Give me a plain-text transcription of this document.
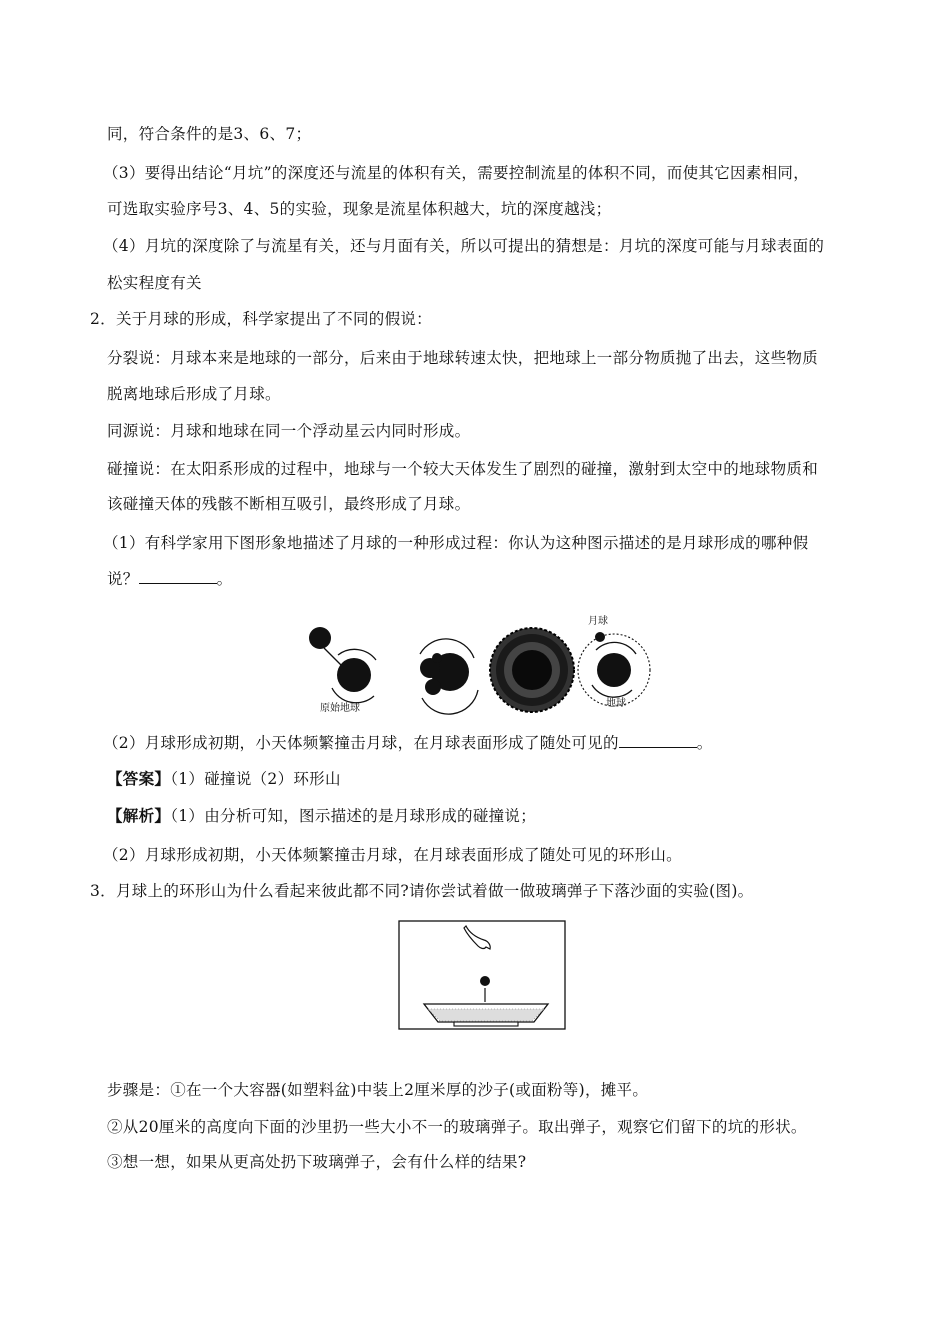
同，符合条件的是3、6、7；
（3）要得出结论“月坑”的深度还与流星的体积有关，需要控制流星的体积不同，而使其它因素相同，
可选取实验序号3、4、5的实验，现象是流星体积越大，坑的深度越浅；
（4）月坑的深度除了与流星有关，还与月面有关，所以可提出的猜想是：月坑的深度可能与月球表面的
松实程度有关
2．关于月球的形成，科学家提出了不同的假说：
分裂说：月球本来是地球的一部分，后来由于地球转速太快，把地球上一部分物质抛了出去，这些物质
脱离地球后形成了月球。
同源说：月球和地球在同一个浮动星云内同时形成。
碰撞说：在太阳系形成的过程中，地球与一个较大天体发生了剧烈的碰撞，激射到太空中的地球物质和
该碰撞天体的残骸不断相互吸引，最终形成了月球。
（1）有科学家用下图形象地描述了月球的一种形成过程：你认为这种图示描述的是月球形成的哪种假
说？	。
原始地球
月球
地球
（2）月球形成初期，小天体频繁撞击月球，在月球表面形成了随处可见的	。
【答案】（1）碰撞说（2）环形山
【解析】（1）由分析可知，图示描述的是月球形成的碰撞说；
（2）月球形成初期，小天体频繁撞击月球，在月球表面形成了随处可见的环形山。
3．月球上的环形山为什么看起来彼此都不同?请你尝试着做一做玻璃弹子下落沙面的实验(图)。
步骤是：①在一个大容器(如塑料盆)中装上2厘米厚的沙子(或面粉等)，摊平。
②从20厘米的高度向下面的沙里扔一些大小不一的玻璃弹子。取出弹子，观察它们留下的坑的形状。
③想一想，如果从更高处扔下玻璃弹子，会有什么样的结果?
